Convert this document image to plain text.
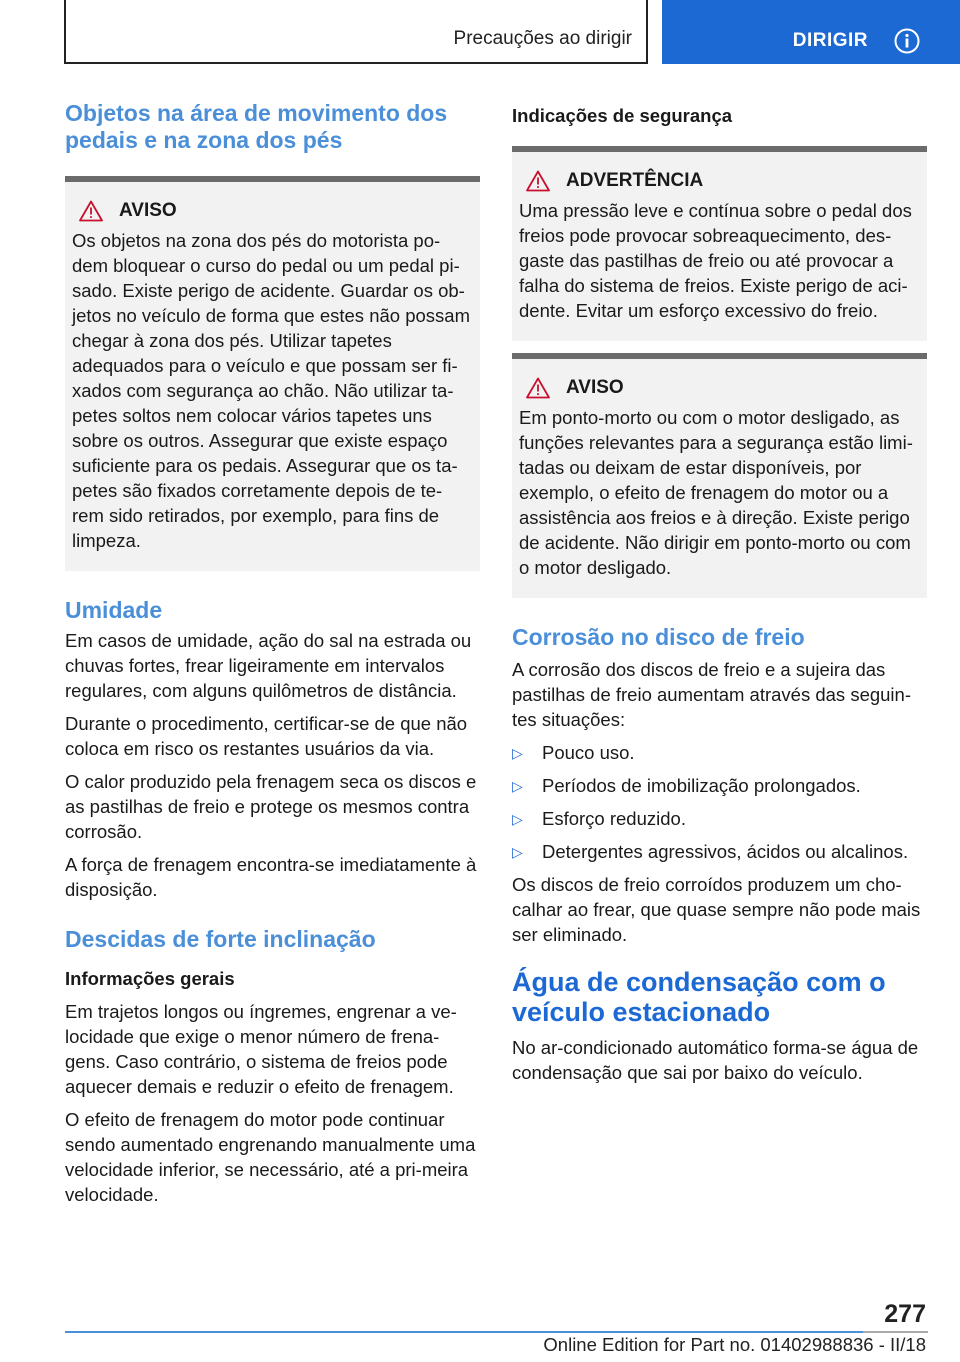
Precauções ao dirigir	DIRIGIR
Objetos na área de movimento dos pedais e na zona dos pés
AVISO

Os objetos na zona dos pés do motorista po‐dem bloquear o curso do pedal ou um pedal pi‐sado. Existe perigo de acidente. Guardar os ob‐jetos no veículo de forma que estes não possam chegar à zona dos pés. Utilizar tapetes adequados para o veículo e que possam ser fi‐xados com segurança ao chão. Não utilizar ta‐petes soltos nem colocar vários tapetes uns sobre os outros. Assegurar que existe espaço suficiente para os pedais. Assegurar que os ta‐petes são fixados corretamente depois de te‐rem sido retirados, por exemplo, para fins de limpeza.

Umidade

Em casos de umidade, ação do sal na estrada ou chuvas fortes, frear ligeiramente em intervalos regulares, com alguns quilômetros de distância.

Durante o procedimento, certificar-se de que não coloca em risco os restantes usuários da via.

O calor produzido pela frenagem seca os discos e as pastilhas de freio e protege os mesmos contra corrosão.

A força de frenagem encontra-se imediatamente à disposição.

Descidas de forte inclinação
Informações gerais

Em trajetos longos ou íngremes, engrenar a ve‐locidade que exige o menor número de frena‐gens. Caso contrário, o sistema de freios pode aquecer demais e reduzir o efeito de frenagem.

O efeito de frenagem do motor pode continuar sendo aumentado engrenando manualmente uma velocidade inferior, se necessário, até a pri‐meira velocidade.

Indicações de segurança
ADVERTÊNCIA

Uma pressão leve e contínua sobre o pedal dos freios pode provocar sobreaquecimento, des‐gaste das pastilhas de freio ou até provocar a falha do sistema de freios. Existe perigo de aci‐dente. Evitar um esforço excessivo do freio.

AVISO

Em ponto-morto ou com o motor desligado, as funções relevantes para a segurança estão limi‐tadas ou deixam de estar disponíveis, por exemplo, o efeito de frenagem do motor ou a assistência aos freios e à direção. Existe perigo de acidente. Não dirigir em ponto-morto ou com o motor desligado.

Corrosão no disco de freio

A corrosão dos discos de freio e a sujeira das pastilhas de freio aumentam através das seguin‐tes situações:

▷	Pouco uso.
▷	Períodos de imobilização prolongados.
▷	Esforço reduzido.
▷	Detergentes agressivos, ácidos ou alcalinos.

Os discos de freio corroídos produzem um cho‐calhar ao frear, que quase sempre não pode mais ser eliminado.

Água de condensação com o veículo estacionado

No ar-condicionado automático forma-se água de condensação que sai por baixo do veículo.

277
Online Edition for Part no. 01402988836 - II/18
